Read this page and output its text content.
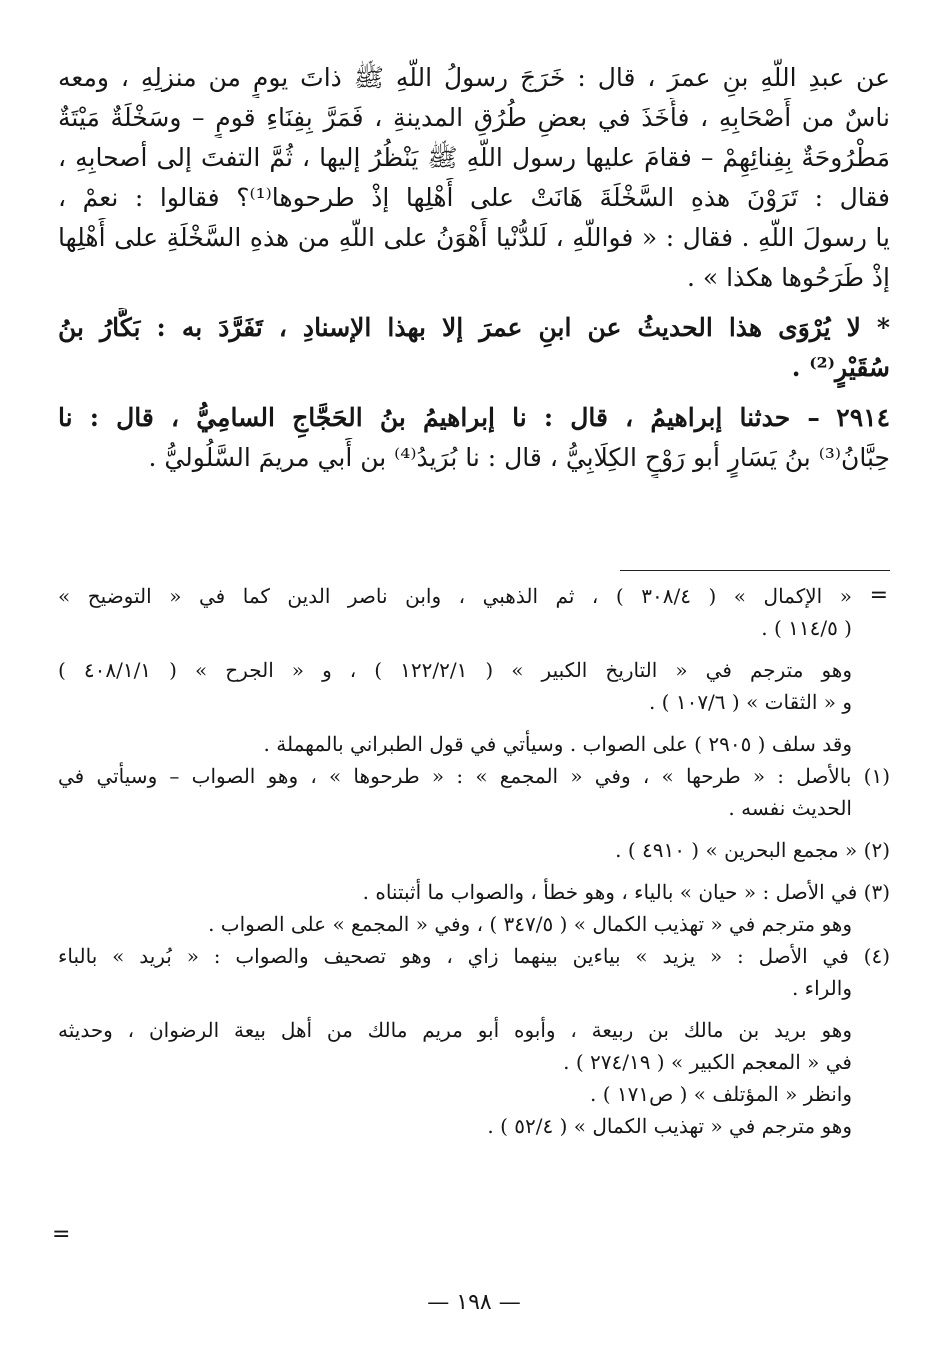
عن عبدِ اللّهِ بنِ عمرَ ، قال : خَرَجَ رسولُ اللّهِ ﷺ ذاتَ يومٍ من منزلِهِ ، ومعه
ناسٌ من أَصْحَابِهِ ، فأَخَذَ في بعضِ طُرُقِ المدينةِ ، فَمَرَّ بِفِنَاءِ قومٍ – وسَخْلَةٌ مَيْتَةٌ
مَطْرُوحَةٌ بِفِنائِهِمْ – فقامَ عليها رسول اللّهِ ﷺ يَنْظُرُ إليها ، ثُمَّ التفتَ إلى أصحابِهِ ،
فقال : تَرَوْنَ هذهِ السَّخْلَةَ هَانَتْ على أَهْلِها إذْ طرحوها⁽¹⁾؟ فقالوا : نعمْ ،
يا رسولَ اللّهِ . فقال : « فواللّهِ ، لَلدُّنْيا أَهْوَنُ على اللّهِ من هذهِ السَّخْلَةِ على أَهْلِها
إذْ طَرَحُوها هكذا » .
* لا يُرْوَى هذا الحديثُ عن ابنِ عمرَ إلا بهذا الإسنادِ ، تَفَرَّدَ به : بَكَّارُ بنُ
سُقَيْرٍ⁽²⁾ .
٢٩١٤ – حدثنا إبراهيمُ ، قال : نا إبراهيمُ بنُ الحَجَّاجِ السامِيُّ ، قال : نا
حِبَّانُ⁽³⁾ بنُ يَسَارٍ أبو رَوْحٍ الكِلَابِيُّ ، قال : نا بُرَيدُ⁽⁴⁾ بن أَبي مريمَ السَّلُوليُّ .
=
« الإكمال » ( ٣٠٨/٤ ) ، ثم الذهبي ، وابن ناصر الدين كما في « التوضيح »
( ١١٤/٥ ) .
وهو مترجم في « التاريخ الكبير » ( ١٢٢/٢/١ ) ، و « الجرح » ( ٤٠٨/١/١ )
و « الثقات » ( ١٠٧/٦ ) .
وقد سلف ( ٢٩٠٥ ) على الصواب . وسيأتي في قول الطبراني بالمهملة .
(١) بالأصل : « طرحها » ، وفي « المجمع » : « طرحوها » ، وهو الصواب – وسيأتي في
الحديث نفسه .
(٢) « مجمع البحرين » ( ٤٩١٠ ) .
(٣) في الأصل : « حيان » بالياء ، وهو خطأ ، والصواب ما أثبتناه .
وهو مترجم في « تهذيب الكمال » ( ٣٤٧/٥ ) ، وفي « المجمع » على الصواب .
(٤) في الأصل : « يزيد » بياءين بينهما زاي ، وهو تصحيف والصواب : « بُريد » بالباء
والراء .
وهو بريد بن مالك بن ربيعة ، وأبوه أبو مريم مالك من أهل بيعة الرضوان ، وحديثه
في « المعجم الكبير » ( ٢٧٤/١٩ ) .
وانظر « المؤتلف » ( ص١٧١ ) .
وهو مترجم في « تهذيب الكمال » ( ٥٢/٤ ) .
=
— ١٩٨ —
